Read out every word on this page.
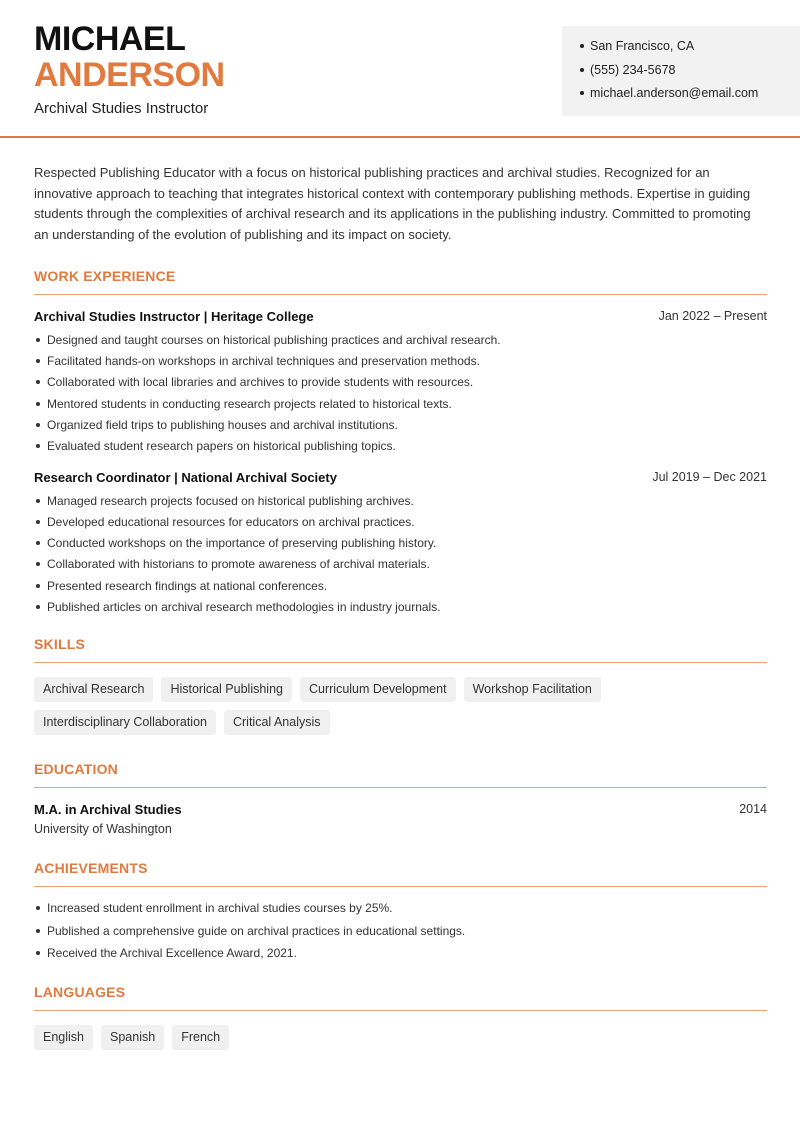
MICHAEL
ANDERSON
Archival Studies Instructor
San Francisco, CA
(555) 234-5678
michael.anderson@email.com

Respected Publishing Educator with a focus on historical publishing practices and archival studies. Recognized for an innovative approach to teaching that integrates historical context with contemporary publishing methods. Expertise in guiding students through the complexities of archival research and its applications in the publishing industry. Committed to promoting an understanding of the evolution of publishing and its impact on society.

WORK EXPERIENCE
Archival Studies Instructor | Heritage College	Jan 2022 – Present
Designed and taught courses on historical publishing practices and archival research.
Facilitated hands-on workshops in archival techniques and preservation methods.
Collaborated with local libraries and archives to provide students with resources.
Mentored students in conducting research projects related to historical texts.
Organized field trips to publishing houses and archival institutions.
Evaluated student research papers on historical publishing topics.
Research Coordinator | National Archival Society	Jul 2019 – Dec 2021
Managed research projects focused on historical publishing archives.
Developed educational resources for educators on archival practices.
Conducted workshops on the importance of preserving publishing history.
Collaborated with historians to promote awareness of archival materials.
Presented research findings at national conferences.
Published articles on archival research methodologies in industry journals.
SKILLS
Archival Research	Historical Publishing	Curriculum Development	Workshop Facilitation
Interdisciplinary Collaboration	Critical Analysis
EDUCATION
M.A. in Archival Studies	2014
University of Washington
ACHIEVEMENTS
Increased student enrollment in archival studies courses by 25%.
Published a comprehensive guide on archival practices in educational settings.
Received the Archival Excellence Award, 2021.
LANGUAGES
English	Spanish	French
